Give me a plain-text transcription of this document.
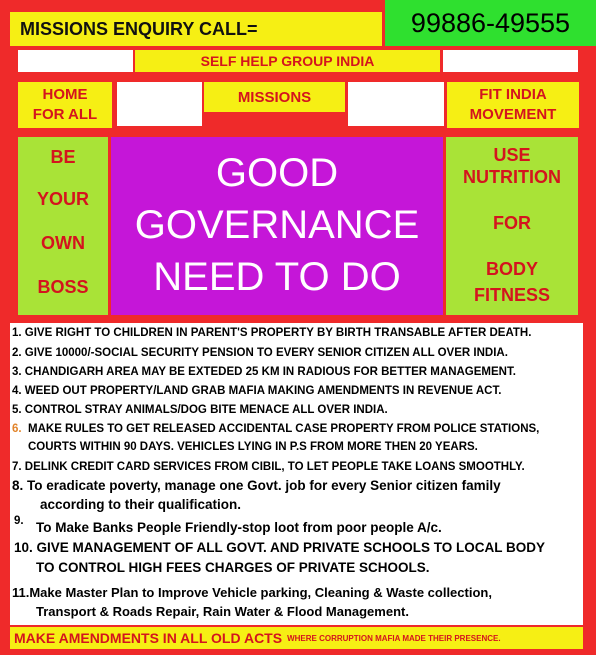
MISSIONS ENQUIRY CALL=	99886-49555
SELF HELP GROUP INDIA
HOME
FOR ALL
MISSIONS	FIT INDIA
MOVEMENT
BE
YOUR
OWN
BOSS
GOOD
GOVERNANCE
NEED TO DO
USE
NUTRITION
FOR
BODY
FITNESS
1. GIVE RIGHT TO CHILDREN IN PARENT'S PROPERTY BY BIRTH TRANSABLE AFTER DEATH.
2. GIVE 10000/-SOCIAL SECURITY PENSION TO EVERY SENIOR CITIZEN ALL OVER INDIA.
3. CHANDIGARH AREA MAY BE EXTEDED 25 KM IN RADIOUS FOR BETTER MANAGEMENT.
4. WEED OUT PROPERTY/LAND GRAB MAFIA MAKING AMENDMENTS IN REVENUE ACT.
5. CONTROL STRAY ANIMALS/DOG BITE MENACE ALL OVER INDIA.
6. MAKE RULES TO GET RELEASED ACCIDENTAL CASE PROPERTY FROM POLICE STATIONS,
COURTS WITHIN 90 DAYS. VEHICLES LYING IN P.S FROM MORE THEN 20 YEARS.
7. DELINK CREDIT CARD SERVICES FROM CIBIL, TO LET PEOPLE TAKE LOANS SMOOTHLY.
8. To eradicate poverty, manage one Govt. job for every Senior citizen family
according to their qualification.
9. To Make Banks People Friendly-stop loot from poor people A/c.
10. GIVE MANAGEMENT OF ALL GOVT. AND PRIVATE SCHOOLS TO LOCAL BODY
TO CONTROL HIGH FEES CHARGES OF PRIVATE SCHOOLS.
11.Make Master Plan to Improve Vehicle parking, Cleaning & Waste collection,
Transport & Roads Repair, Rain Water & Flood Management.
MAKE AMENDMENTS IN ALL OLD ACTS WHERE CORRUPTION MAFIA MADE THEIR PRESENCE.
